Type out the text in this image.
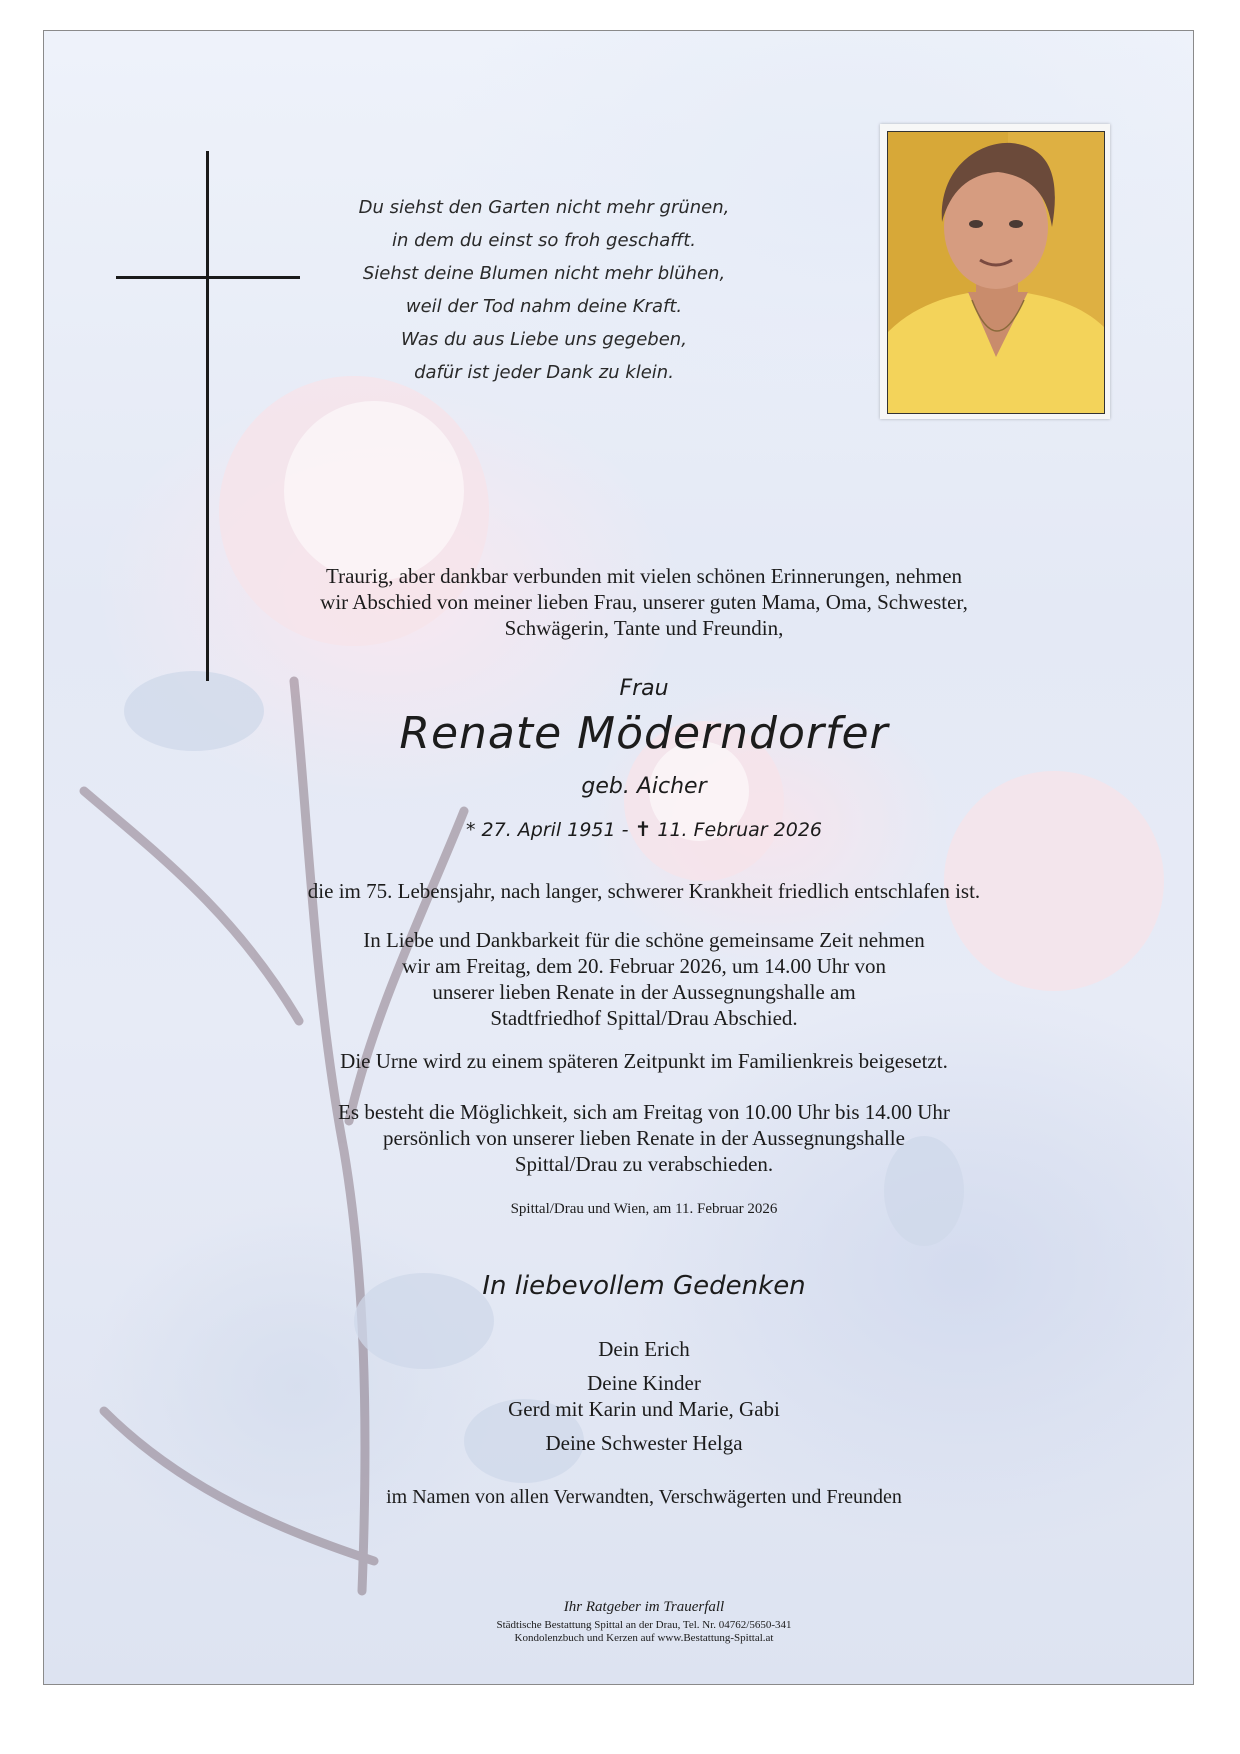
Du siehst den Garten nicht mehr grünen,
in dem du einst so froh geschafft.
Siehst deine Blumen nicht mehr blühen,
weil der Tod nahm deine Kraft.
Was du aus Liebe uns gegeben,
dafür ist jeder Dank zu klein.
Traurig, aber dankbar verbunden mit vielen schönen Erinnerungen, nehmen
wir Abschied von meiner lieben Frau, unserer guten Mama, Oma, Schwester,
Schwägerin, Tante und Freundin,
Frau
Renate Möderndorfer
geb. Aicher
* 27. April 1951 - ✝ 11. Februar 2026
die im 75. Lebensjahr, nach langer, schwerer Krankheit friedlich entschlafen ist.
In Liebe und Dankbarkeit für die schöne gemeinsame Zeit nehmen
wir am Freitag, dem 20. Februar 2026, um 14.00 Uhr von
unserer lieben Renate in der Aussegnungshalle am
Stadtfriedhof Spittal/Drau Abschied.
Die Urne wird zu einem späteren Zeitpunkt im Familienkreis beigesetzt.
Es besteht die Möglichkeit, sich am Freitag von 10.00 Uhr bis 14.00 Uhr
persönlich von unserer lieben Renate in der Aussegnungshalle
Spittal/Drau zu verabschieden.
Spittal/Drau und Wien, am 11. Februar 2026
In liebevollem Gedenken
Dein Erich
Deine Kinder
Gerd mit Karin und Marie, Gabi
Deine Schwester Helga
im Namen von allen Verwandten, Verschwägerten und Freunden
Ihr Ratgeber im Trauerfall
Städtische Bestattung Spittal an der Drau, Tel. Nr. 04762/5650-341
Kondolenzbuch und Kerzen auf www.Bestattung-Spittal.at
